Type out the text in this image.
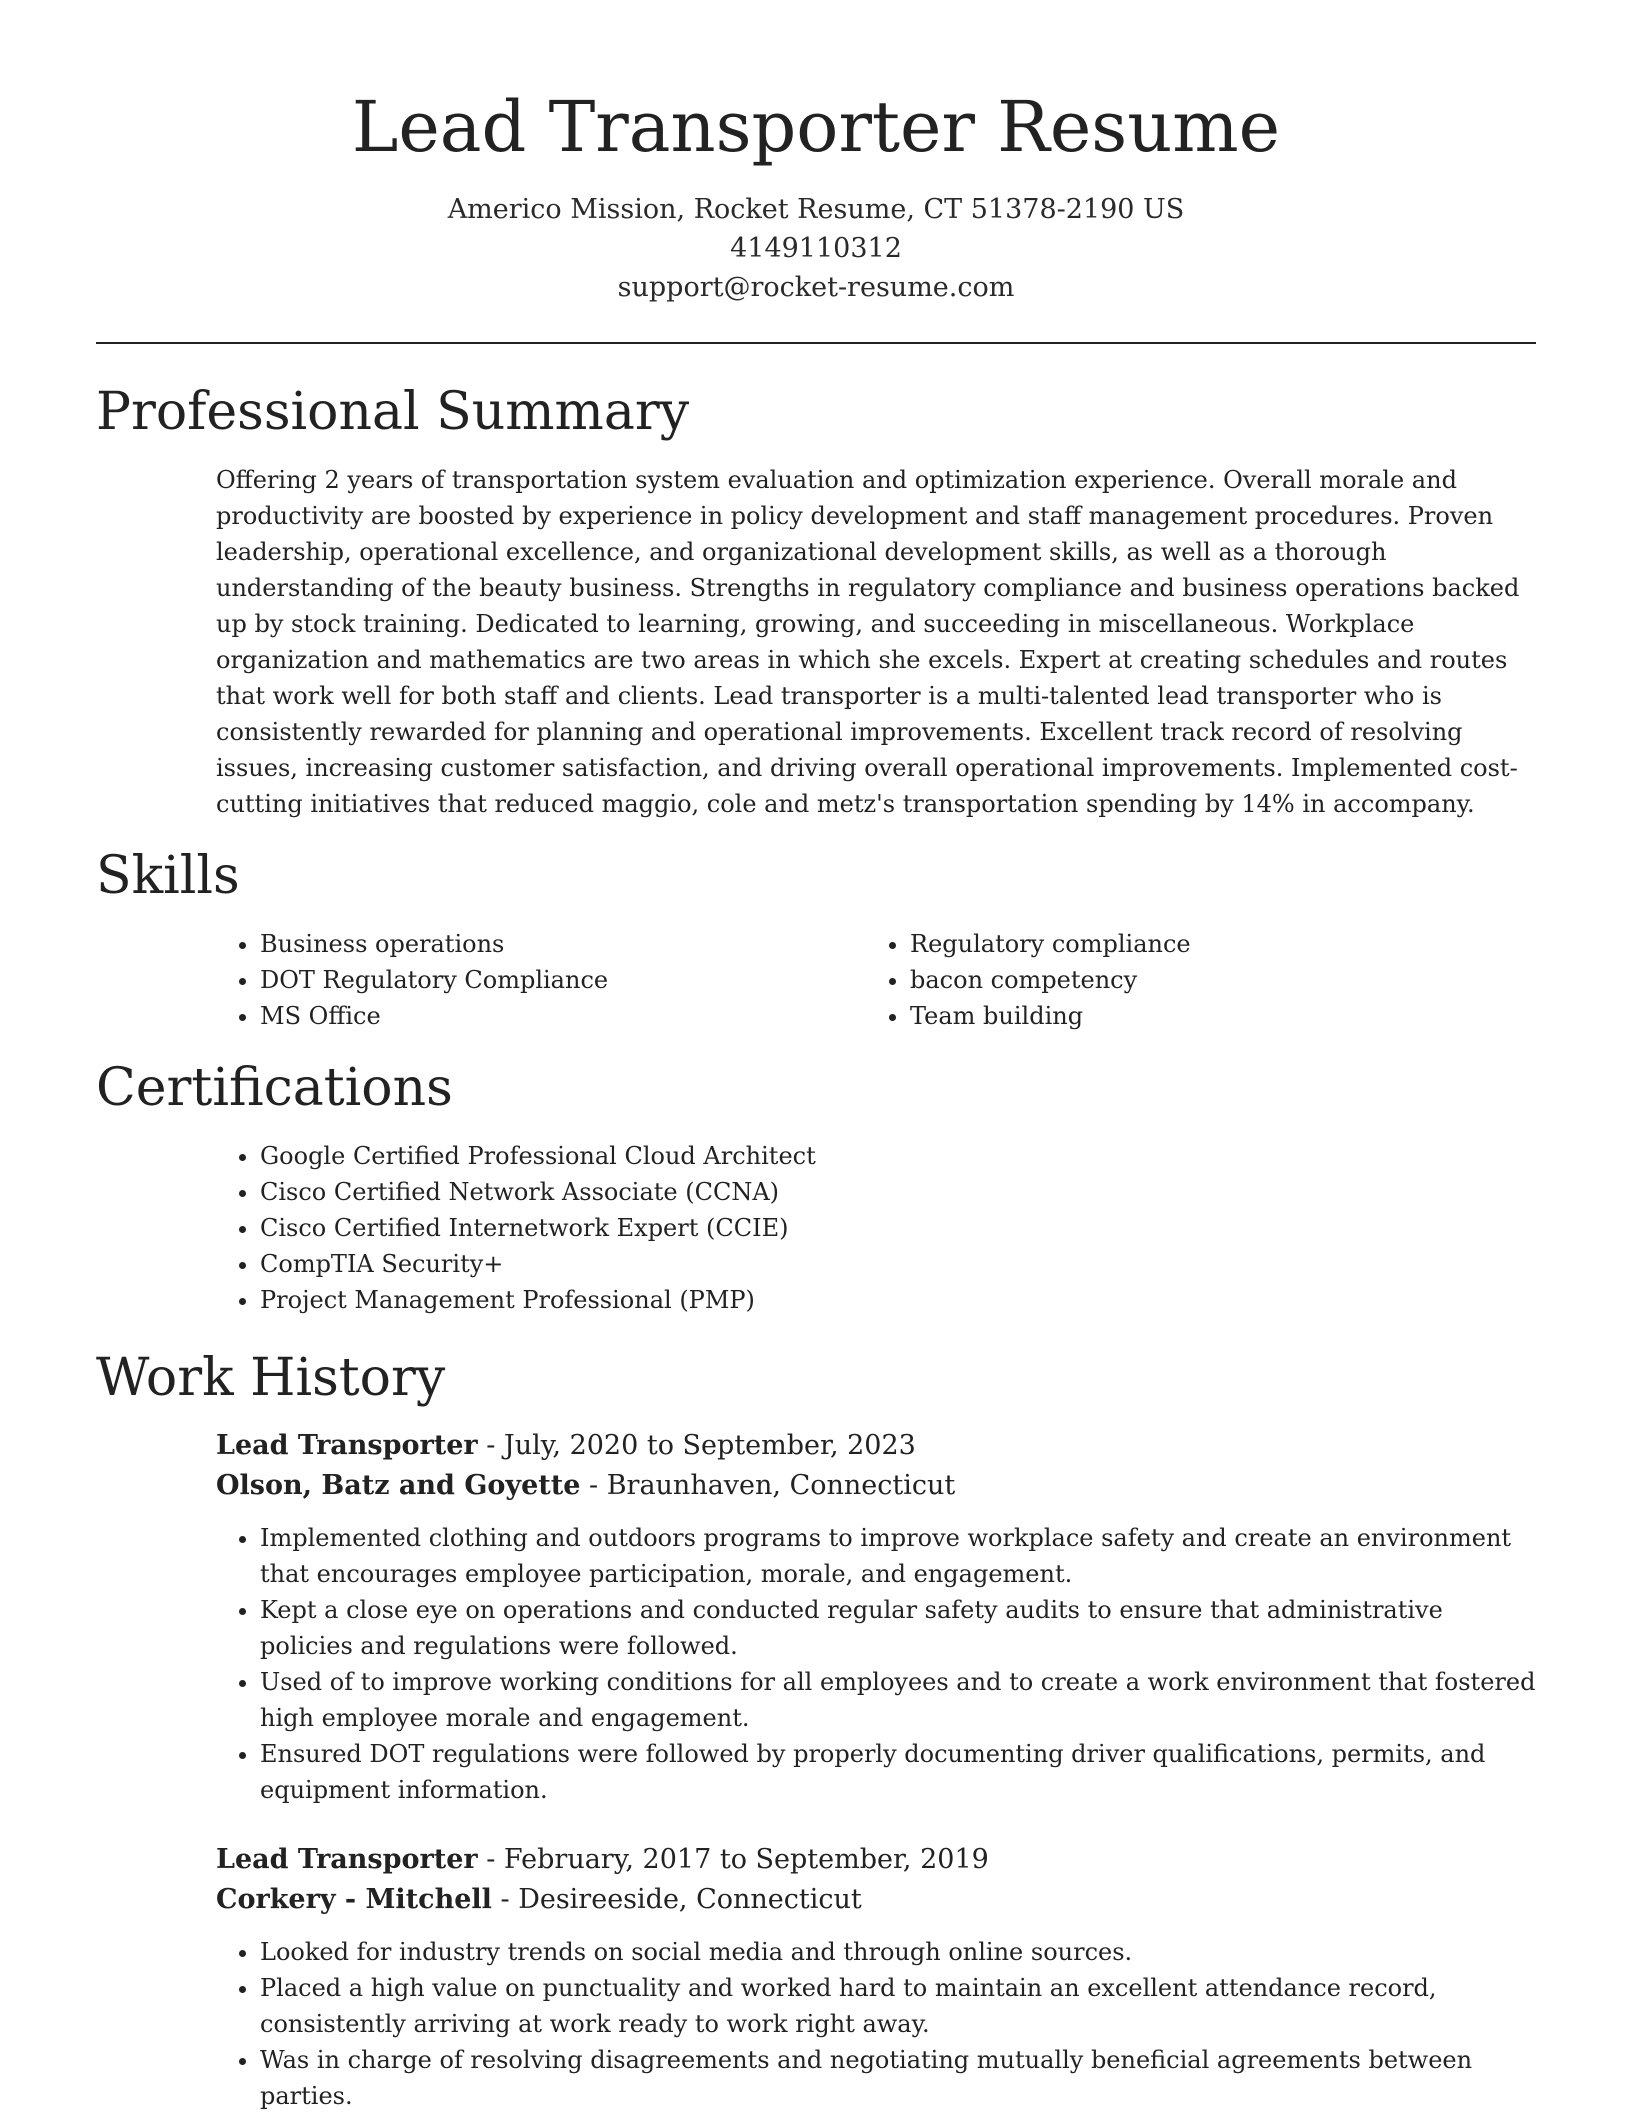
Lead Transporter Resume
Americo Mission, Rocket Resume, CT 51378-2190 US
4149110312
support@rocket-resume.com
Professional Summary

Offering 2 years of transportation system evaluation and optimization experience. Overall morale and productivity are boosted by experience in policy development and staff management procedures. Proven leadership, operational excellence, and organizational development skills, as well as a thorough understanding of the beauty business. Strengths in regulatory compliance and business operations backed up by stock training. Dedicated to learning, growing, and succeeding in miscellaneous. Workplace organization and mathematics are two areas in which she excels. Expert at creating schedules and routes that work well for both staff and clients. Lead transporter is a multi-talented lead transporter who is consistently rewarded for planning and operational improvements. Excellent track record of resolving issues, increasing customer satisfaction, and driving overall operational improvements. Implemented cost-cutting initiatives that reduced maggio, cole and metz's transportation spending by 14% in accompany.

Skills
• Business operations
• DOT Regulatory Compliance
• MS Office
• Regulatory compliance
• bacon competency
• Team building
Certifications
• Google Certified Professional Cloud Architect
• Cisco Certified Network Associate (CCNA)
• Cisco Certified Internetwork Expert (CCIE)
• CompTIA Security+
• Project Management Professional (PMP)
Work History
Lead Transporter - July, 2020 to September, 2023
Olson, Batz and Goyette - Braunhaven, Connecticut
• Implemented clothing and outdoors programs to improve workplace safety and create an environment that encourages employee participation, morale, and engagement.
• Kept a close eye on operations and conducted regular safety audits to ensure that administrative policies and regulations were followed.
• Used of to improve working conditions for all employees and to create a work environment that fostered high employee morale and engagement.
• Ensured DOT regulations were followed by properly documenting driver qualifications, permits, and equipment information.
Lead Transporter - February, 2017 to September, 2019
Corkery - Mitchell - Desireeside, Connecticut
• Looked for industry trends on social media and through online sources.
• Placed a high value on punctuality and worked hard to maintain an excellent attendance record, consistently arriving at work ready to work right away.
• Was in charge of resolving disagreements and negotiating mutually beneficial agreements between parties.
